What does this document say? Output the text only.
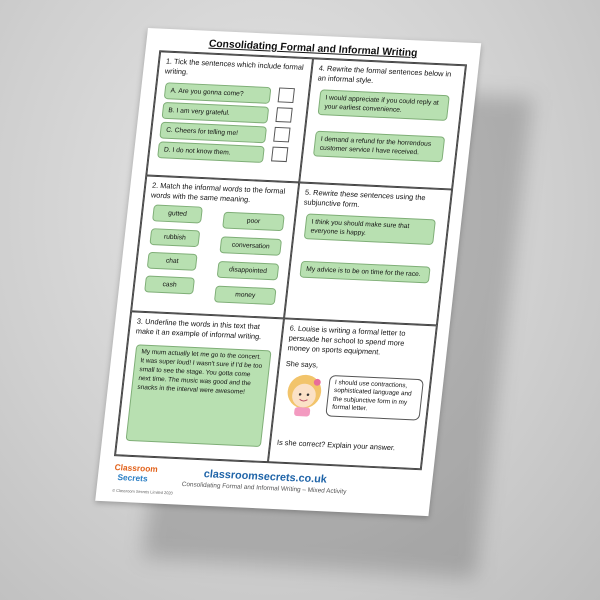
Consolidating Formal and Informal Writing
1. Tick the sentences which include formal writing.
A. Are you gonna come?
B. I am very grateful.
C. Cheers for telling me!
D. I do not know them.
4. Rewrite the formal sentences below in an informal style.
I would appreciate if you could reply at your earliest convenience.
I demand a refund for the horrendous customer service I have received.
2. Match the informal words to the formal words with the same meaning.
gutted
rubbish
chat
cash
poor
conversation
disappointed
money
5. Rewrite these sentences using the subjunctive form.
I think you should make sure that everyone is happy.
My advice is to be on time for the race.
3. Underline the words in this text that make it an example of informal writing.
My mum actually let me go to the concert. It was super loud! I wasn't sure if I'd be too small to see the stage. You gotta come next time. The music was good and the snacks in the interval were awesome!
6. Louise is writing a formal letter to persuade her school to spend more money on sports equipment.
She says,
I should use contractions, sophisticated language and the subjunctive form in my formal letter.
Is she correct? Explain your answer.
Classroom
Secrets
© Classroom Secrets Limited 2020
classroomsecrets.co.uk
Consolidating Formal and Informal Writing – Mixed Activity
